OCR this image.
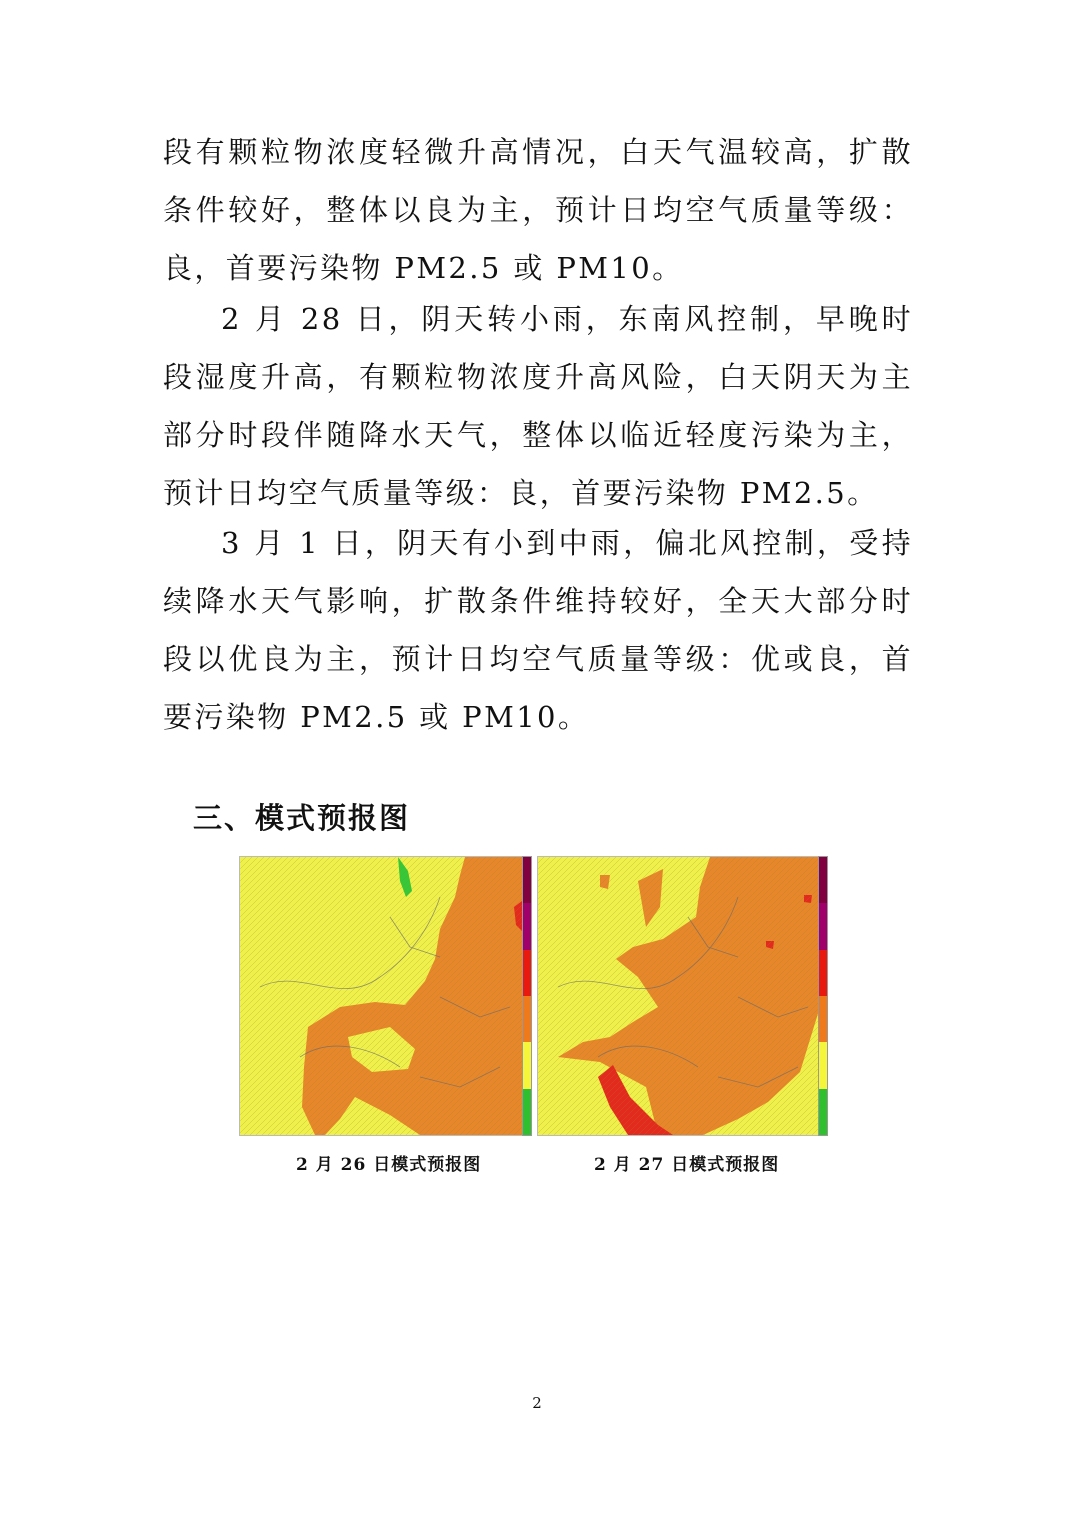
段有颗粒物浓度轻微升高情况，白天气温较高，扩散条件较好，整体以良为主，预计日均空气质量等级：良，首要污染物 PM2.5 或 PM10。

2 月 28 日，阴天转小雨，东南风控制，早晚时段湿度升高，有颗粒物浓度升高风险，白天阴天为主部分时段伴随降水天气，整体以临近轻度污染为主，预计日均空气质量等级：良，首要污染物 PM2.5。

3 月 1 日，阴天有小到中雨，偏北风控制，受持续降水天气影响，扩散条件维持较好，全天大部分时段以优良为主，预计日均空气质量等级：优或良，首要污染物 PM2.5 或 PM10。

三、模式预报图
2 月 26 日模式预报图	2 月 27 日模式预报图
2
